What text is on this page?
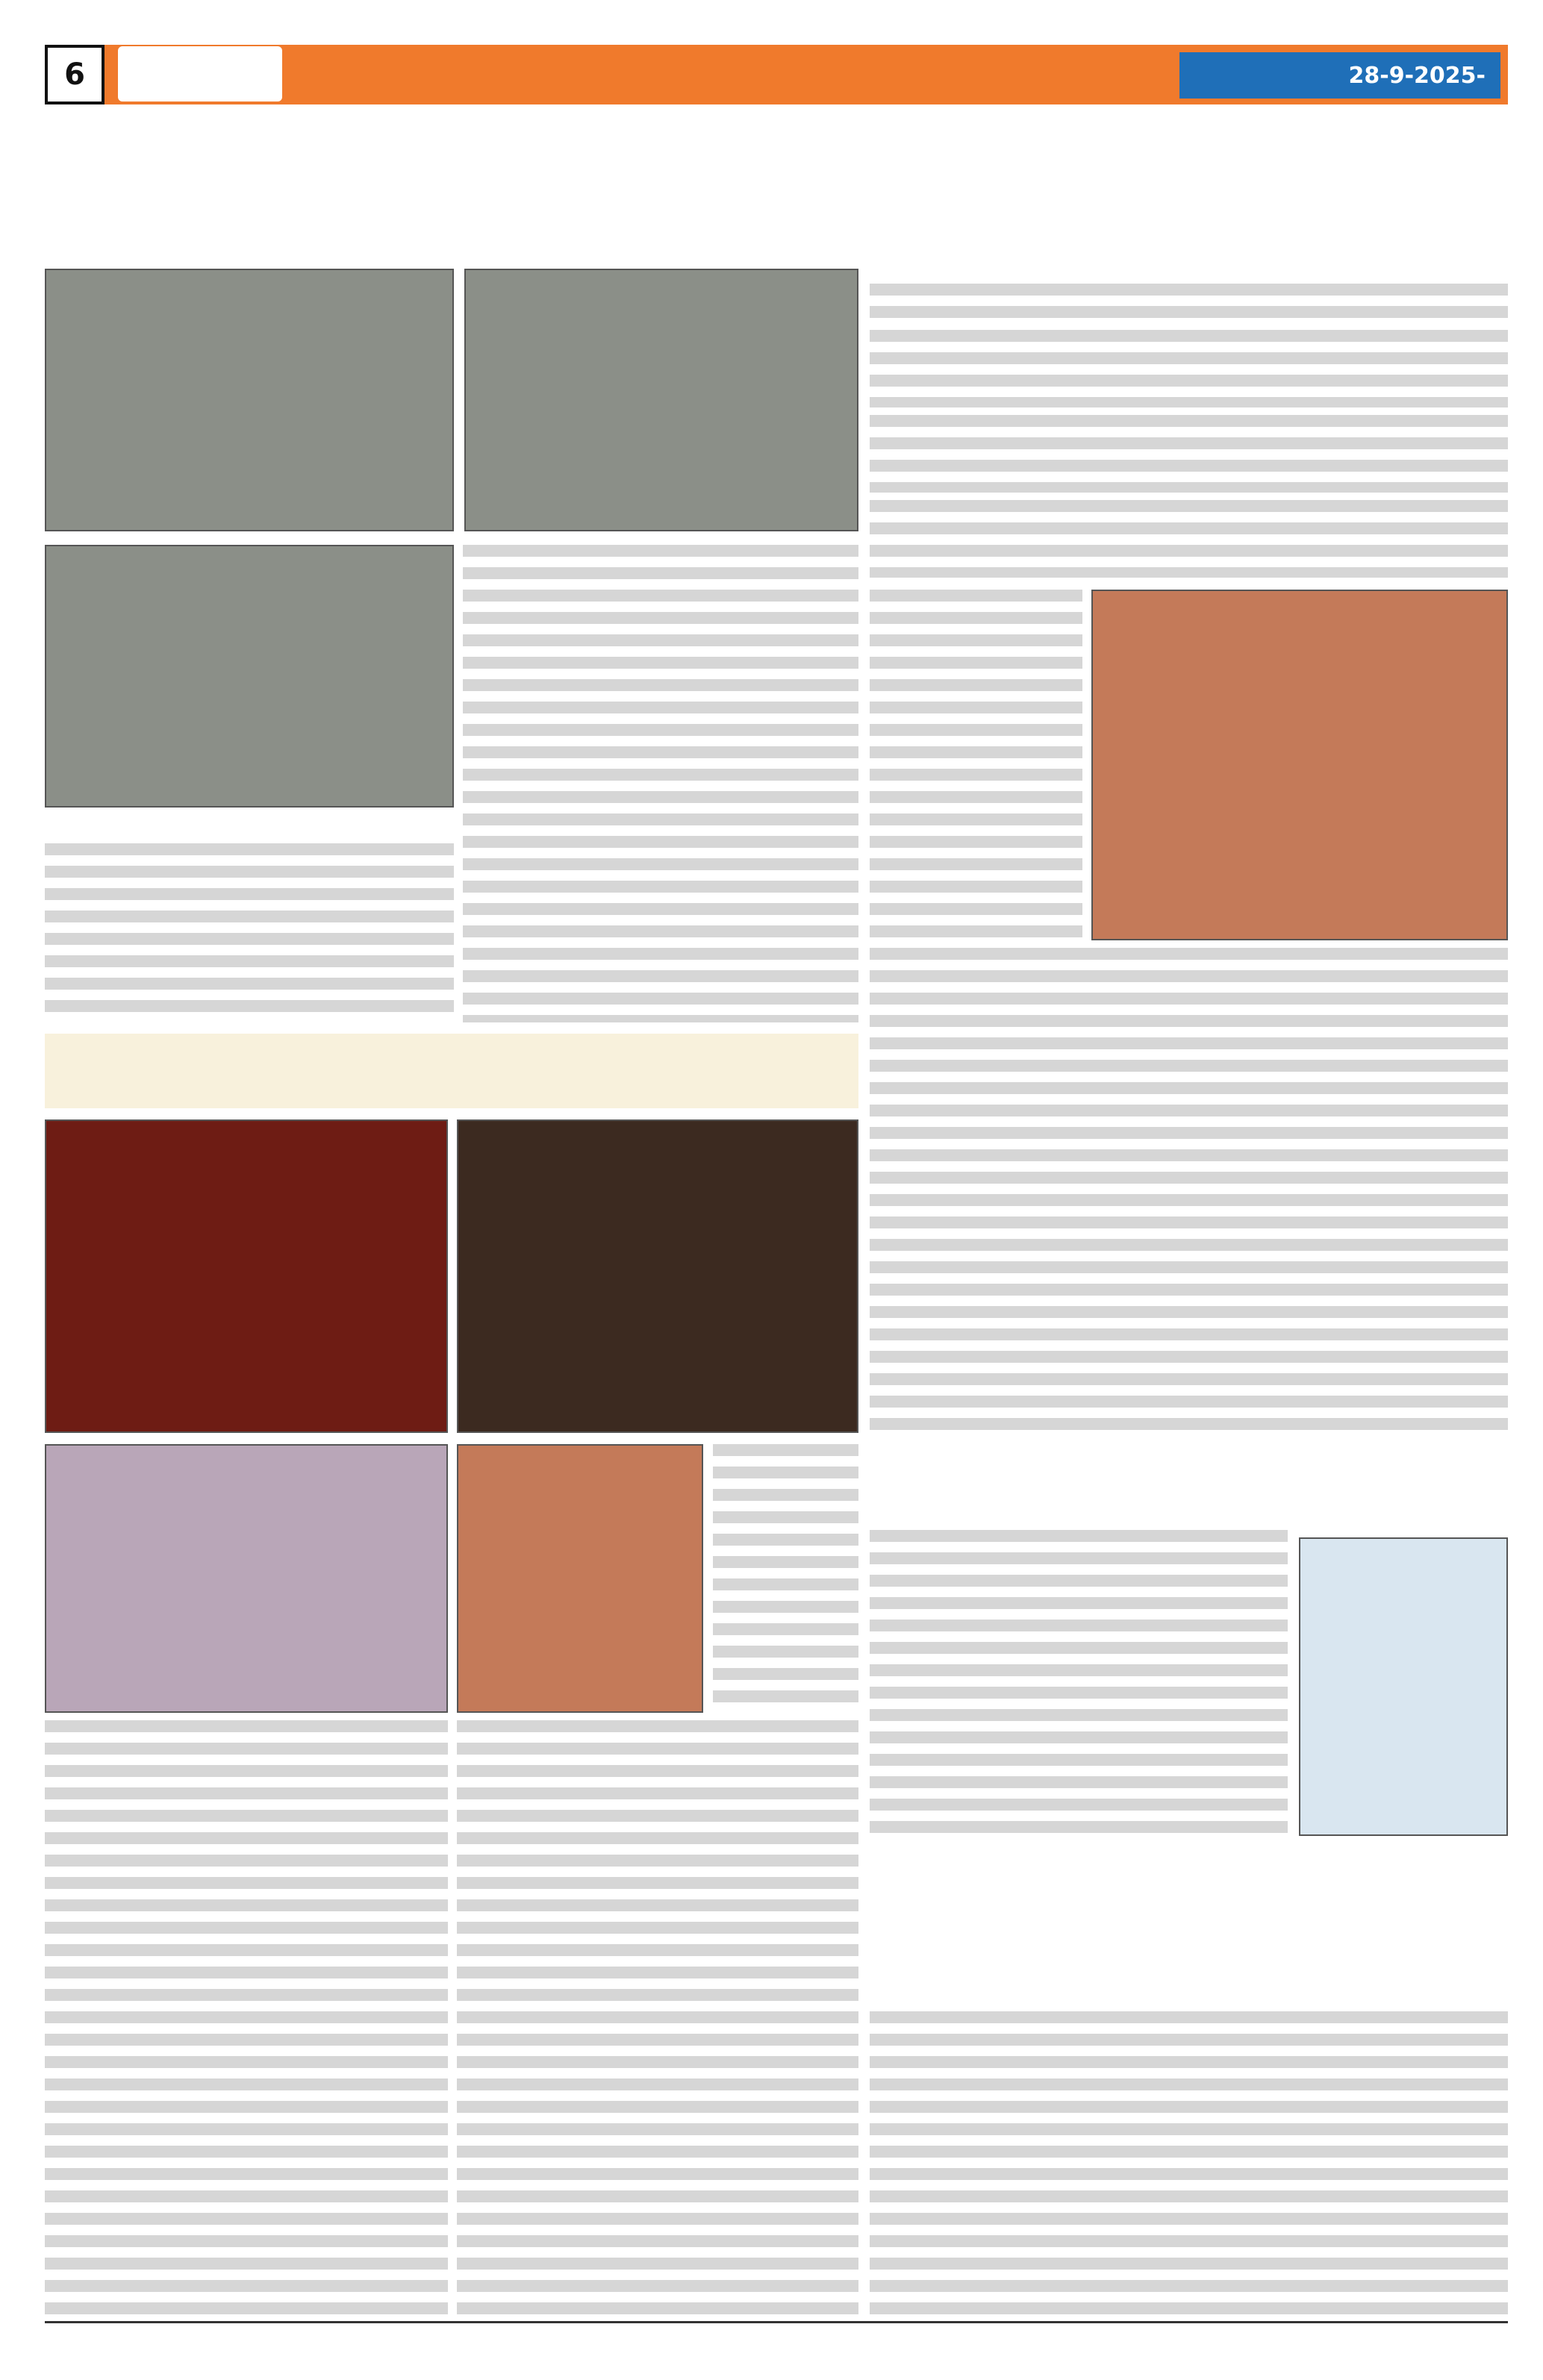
6	28-9-2025-
